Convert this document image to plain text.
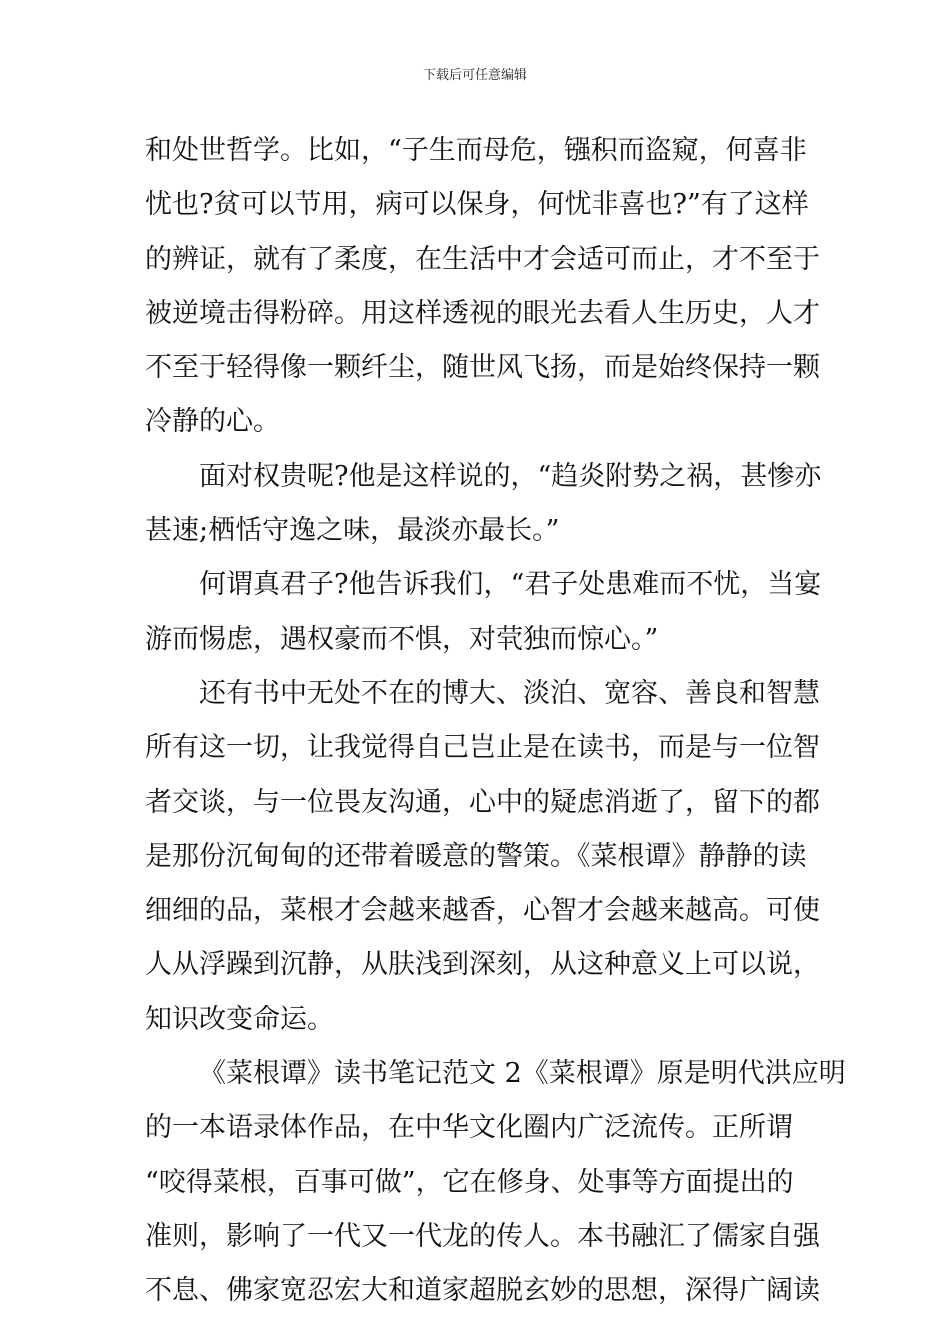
下载后可任意编辑
和处世哲学。比如，“子生而母危，镪积而盗窥，何喜非
忧也?贫可以节用，病可以保身，何忧非喜也?”有了这样
的辨证，就有了柔度，在生活中才会适可而止，才不至于
被逆境击得粉碎。用这样透视的眼光去看人生历史，人才
不至于轻得像一颗纤尘，随世风飞扬，而是始终保持一颗
冷静的心。
面对权贵呢?他是这样说的，“趋炎附势之祸，甚惨亦
甚速;栖恬守逸之味，最淡亦最长。”
何谓真君子?他告诉我们，“君子处患难而不忧，当宴
游而惕虑，遇权豪而不惧，对茕独而惊心。”
还有书中无处不在的博大、淡泊、宽容、善良和智慧
所有这一切，让我觉得自己岂止是在读书，而是与一位智
者交谈，与一位畏友沟通，心中的疑虑消逝了，留下的都
是那份沉甸甸的还带着暖意的警策。《菜根谭》静静的读
细细的品，菜根才会越来越香，心智才会越来越高。可使
人从浮躁到沉静，从肤浅到深刻，从这种意义上可以说，
知识改变命运。
《菜根谭》读书笔记范文 2《菜根谭》原是明代洪应明
的一本语录体作品，在中华文化圈内广泛流传。正所谓
“咬得菜根，百事可做”，它在修身、处事等方面提出的
准则，影响了一代又一代龙的传人。本书融汇了儒家自强
不息、佛家宽忍宏大和道家超脱玄妙的思想，深得广阔读
